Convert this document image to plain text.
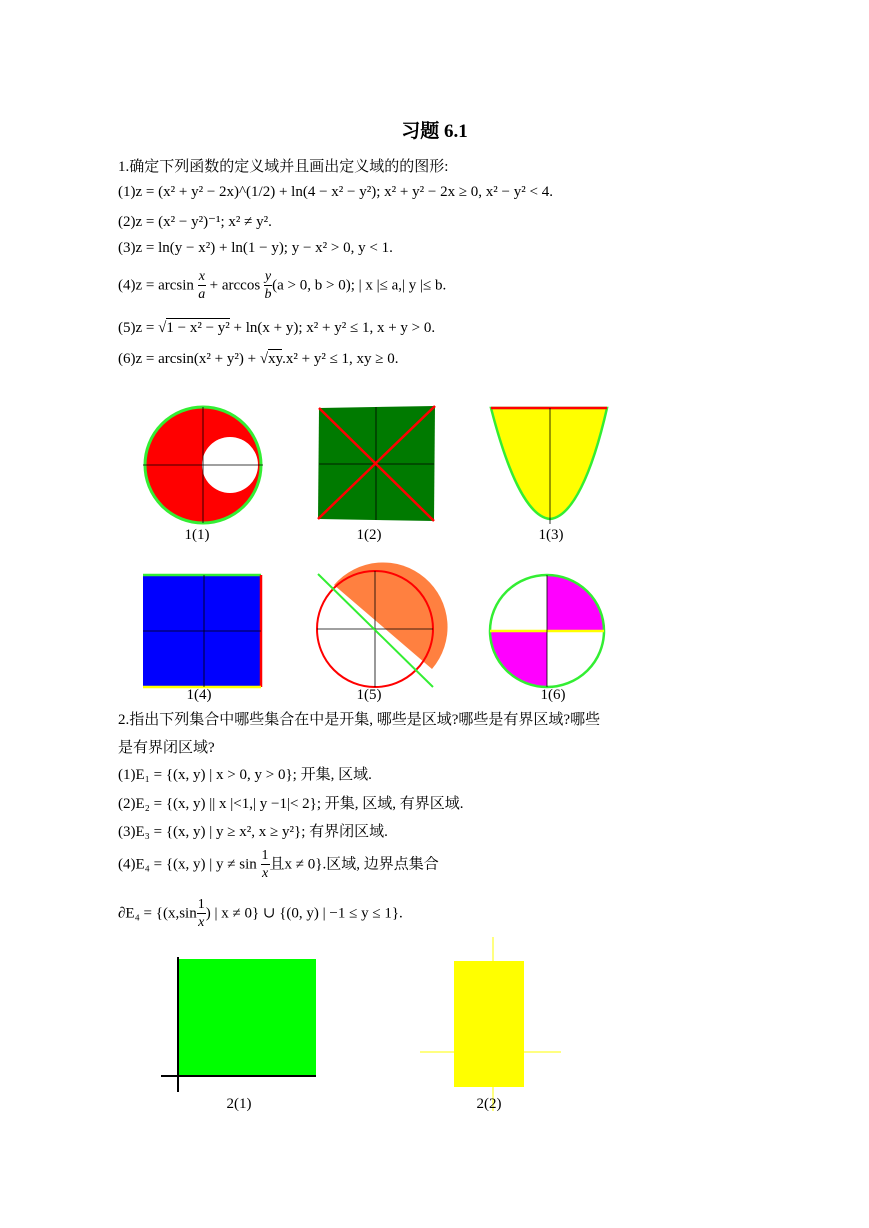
习题 6.1
1.确定下列函数的定义域并且画出定义域的的图形:
(1)z = (x² + y² − 2x)^(1/2) + ln(4 − x² − y²); x² + y² − 2x ≥ 0, x² − y² < 4.
(2)z = (x² − y²)⁻¹; x² ≠ y².
(3)z = ln(y − x²) + ln(1 − y); y − x² > 0, y < 1.
$(4)z = \arcsin \frac{x}{a} + \arccos \frac{y}{b} (a > 0$, b > 0); | x |≤ a,| y |≤ b.
(5)z = √1 − x² − y² + ln(x + y); x² + y² ≤ 1, x + y > 0.
(6)z = arcsin(x² + y²) + √xy.x² + y² ≤ 1, xy ≥ 0.
1(1)	1(2)	1(3)
1(4)	1(5)	1(6)
2.指出下列集合中哪些集合在中是开集, 哪些是区域?哪些是有界区域?哪些
是有界闭区域?
(1)E₁ = {(x, y) | x > 0, y > 0}; 开集, 区域.
(2)E₂ = {(x, y) || x |<1,| y −1|< 2}; 开集, 区域, 有界区域.
(3)E₃ = {(x, y) | y ≥ x², x ≥ y²}; 有界闭区域.
(4)E₄ = {(x, y) | $y \ne \sin \frac{1}{x}$ 且x ≠ 0}.区域, 边界点集合
$\partial E_4 = \{(x,\sin \frac{1}{x}$ ) | x ≠ 0} ∪ {(0, y) | −1 ≤ y ≤ 1}.
2(1)	2(2)
